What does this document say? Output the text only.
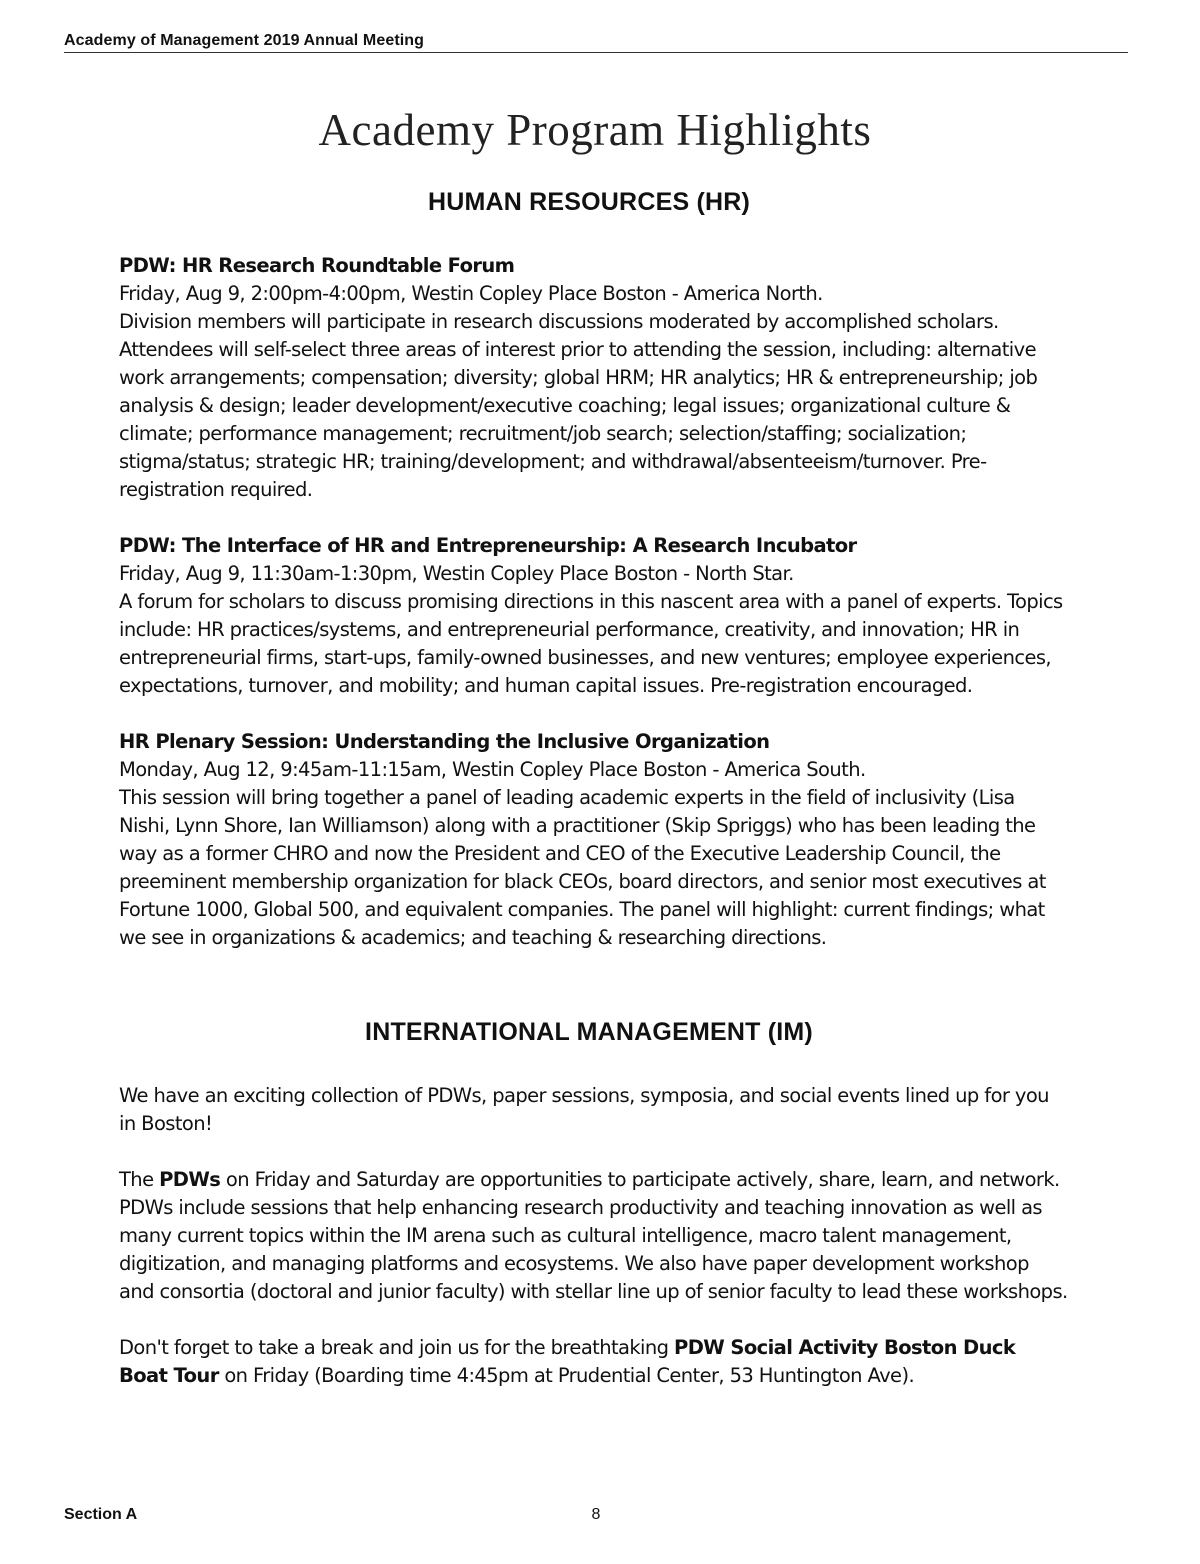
Academy of Management 2019 Annual Meeting
Academy Program Highlights
HUMAN RESOURCES (HR)

PDW: HR Research Roundtable Forum

Friday, Aug 9, 2:00pm-4:00pm, Westin Copley Place Boston - America North.

Division members will participate in research discussions moderated by accomplished scholars. Attendees will self-select three areas of interest prior to attending the session, including: alternative work arrangements; compensation; diversity; global HRM; HR analytics; HR & entrepreneurship; job analysis & design; leader development/executive coaching; legal issues; organizational culture & climate; performance management; recruitment/job search; selection/staffing; socialization; stigma/status; strategic HR; training/development; and withdrawal/absenteeism/turnover. Pre-registration required.

PDW: The Interface of HR and Entrepreneurship: A Research Incubator

Friday, Aug 9, 11:30am-1:30pm, Westin Copley Place Boston - North Star.

A forum for scholars to discuss promising directions in this nascent area with a panel of experts. Topics include: HR practices/systems, and entrepreneurial performance, creativity, and innovation; HR in entrepreneurial firms, start-ups, family-owned businesses, and new ventures; employee experiences, expectations, turnover, and mobility; and human capital issues. Pre-registration encouraged.

HR Plenary Session: Understanding the Inclusive Organization

Monday, Aug 12, 9:45am-11:15am, Westin Copley Place Boston - America South.

This session will bring together a panel of leading academic experts in the field of inclusivity (Lisa Nishi, Lynn Shore, Ian Williamson) along with a practitioner (Skip Spriggs) who has been leading the way as a former CHRO and now the President and CEO of the Executive Leadership Council, the preeminent membership organization for black CEOs, board directors, and senior most executives at Fortune 1000, Global 500, and equivalent companies. The panel will highlight: current findings; what we see in organizations & academics; and teaching & researching directions.

INTERNATIONAL MANAGEMENT (IM)

We have an exciting collection of PDWs, paper sessions, symposia, and social events lined up for you in Boston!

The PDWs on Friday and Saturday are opportunities to participate actively, share, learn, and network. PDWs include sessions that help enhancing research productivity and teaching innovation as well as many current topics within the IM arena such as cultural intelligence, macro talent management, digitization, and managing platforms and ecosystems. We also have paper development workshop and consortia (doctoral and junior faculty) with stellar line up of senior faculty to lead these workshops.

Don't forget to take a break and join us for the breathtaking PDW Social Activity Boston Duck Boat Tour on Friday (Boarding time 4:45pm at Prudential Center, 53 Huntington Ave).

Section A	8
